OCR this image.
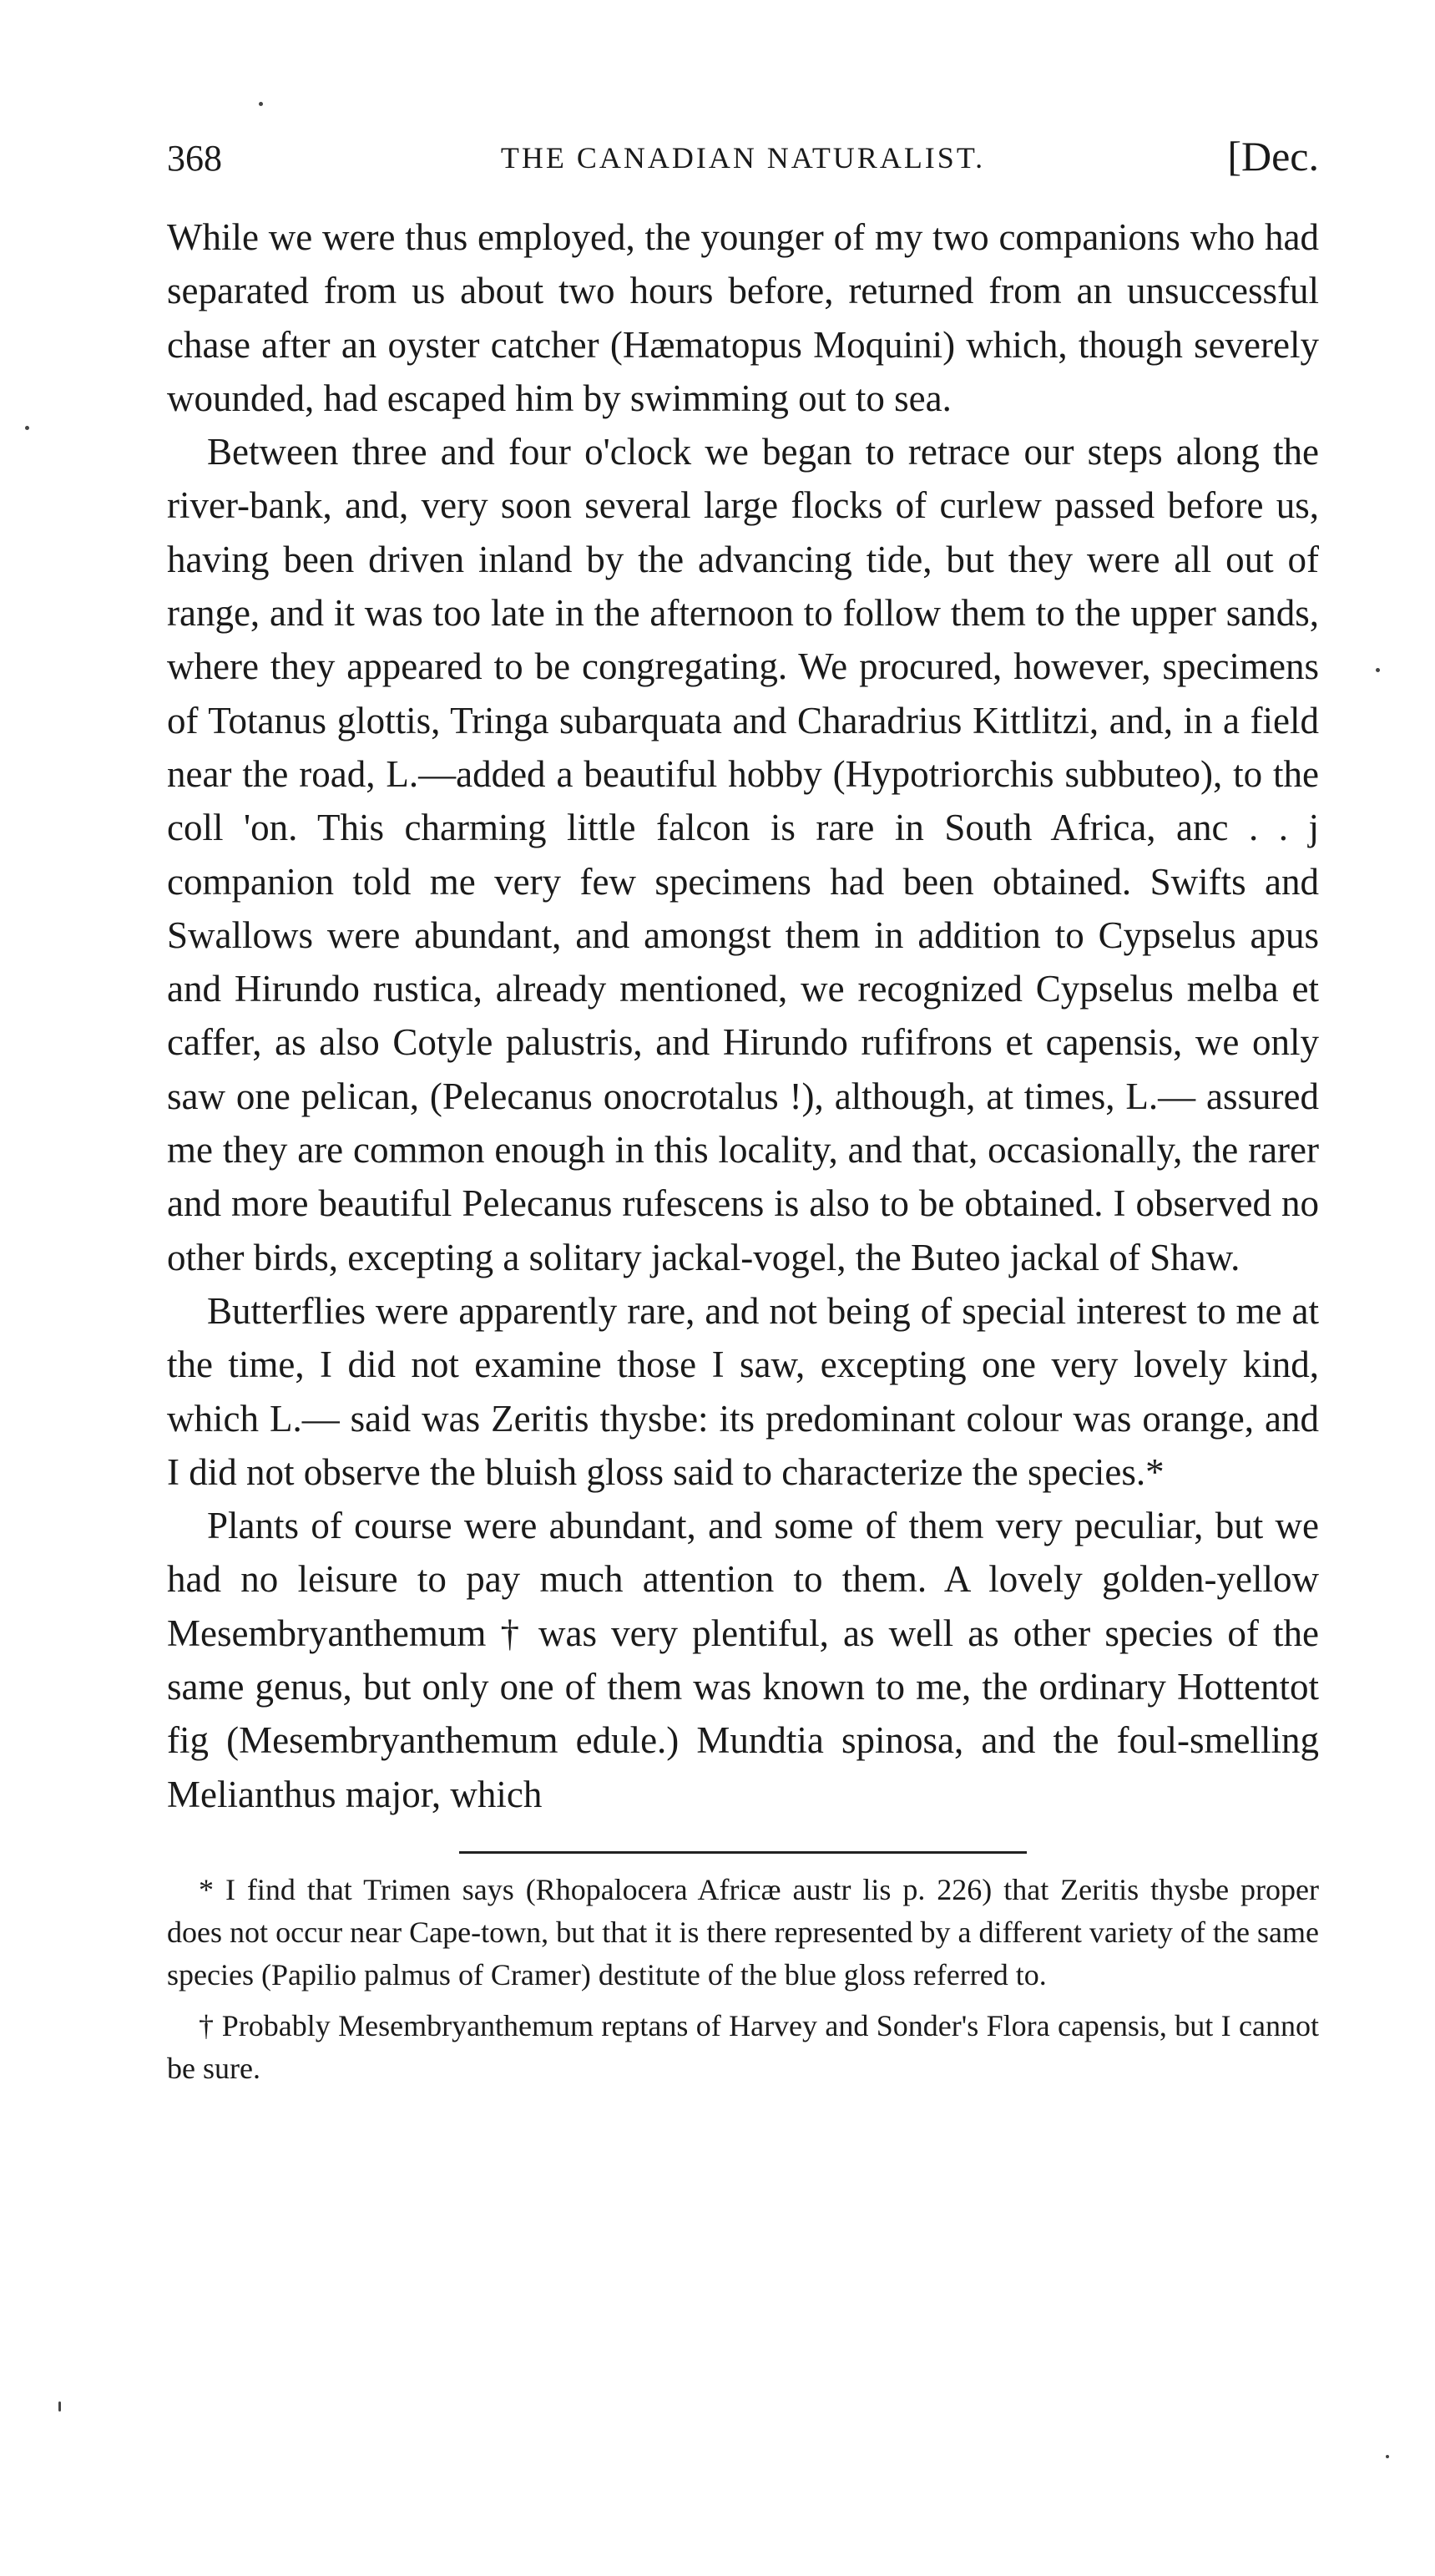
368	THE CANADIAN NATURALIST.	[Dec.

While we were thus employed, the younger of my two companions who had separated from us about two hours before, returned from an unsuccessful chase after an oyster catcher (Hæmatopus Moquini) which, though severely wounded, had escaped him by swimming out to sea.

Between three and four o'clock we began to retrace our steps along the river-bank, and, very soon several large flocks of curlew passed before us, having been driven inland by the advancing tide, but they were all out of range, and it was too late in the afternoon to follow them to the upper sands, where they appeared to be congregating. We procured, however, specimens of Totanus glottis, Tringa subarquata and Charadrius Kittlitzi, and, in a field near the road, L.—added a beautiful hobby (Hypotriorchis subbuteo), to the coll 'on. This charming little falcon is rare in South Africa, anc . . j companion told me very few specimens had been obtained. Swifts and Swallows were abundant, and amongst them in addition to Cypselus apus and Hirundo rustica, already mentioned, we recognized Cypselus melba et caffer, as also Cotyle palustris, and Hirundo rufifrons et capensis, we only saw one pelican, (Pelecanus onocrotalus !), although, at times, L.— assured me they are common enough in this locality, and that, occasionally, the rarer and more beautiful Pelecanus rufescens is also to be obtained. I observed no other birds, excepting a solitary jackal-vogel, the Buteo jackal of Shaw.

Butterflies were apparently rare, and not being of special interest to me at the time, I did not examine those I saw, excepting one very lovely kind, which L.— said was Zeritis thysbe: its predominant colour was orange, and I did not observe the bluish gloss said to characterize the species.*

Plants of course were abundant, and some of them very peculiar, but we had no leisure to pay much attention to them. A lovely golden-yellow Mesembryanthemum † was very plentiful, as well as other species of the same genus, but only one of them was known to me, the ordinary Hottentot fig (Mesembryanthemum edule.) Mundtia spinosa, and the foul-smelling Melianthus major, which

* I find that Trimen says (Rhopalocera Africæ austr lis p. 226) that Zeritis thysbe proper does not occur near Cape-town, but that it is there represented by a different variety of the same species (Papilio palmus of Cramer) destitute of the blue gloss referred to.

† Probably Mesembryanthemum reptans of Harvey and Sonder's Flora capensis, but I cannot be sure.
